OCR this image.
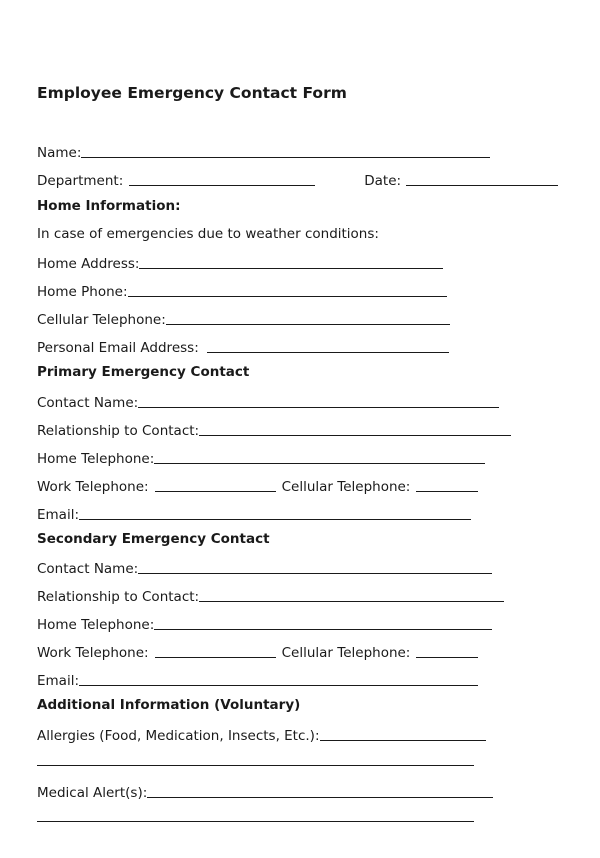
Employee Emergency Contact Form
Name:
Department:	Date:
Home Information:
In case of emergencies due to weather conditions:
Home Address:
Home Phone:
Cellular Telephone:
Personal Email Address:
Primary Emergency Contact
Contact Name:
Relationship to Contact:
Home Telephone:
Work Telephone:	Cellular Telephone:
Email:
Secondary Emergency Contact
Contact Name:
Relationship to Contact:
Home Telephone:
Work Telephone:	Cellular Telephone:
Email:
Additional Information (Voluntary)
Allergies (Food, Medication, Insects, Etc.):
Medical Alert(s):
